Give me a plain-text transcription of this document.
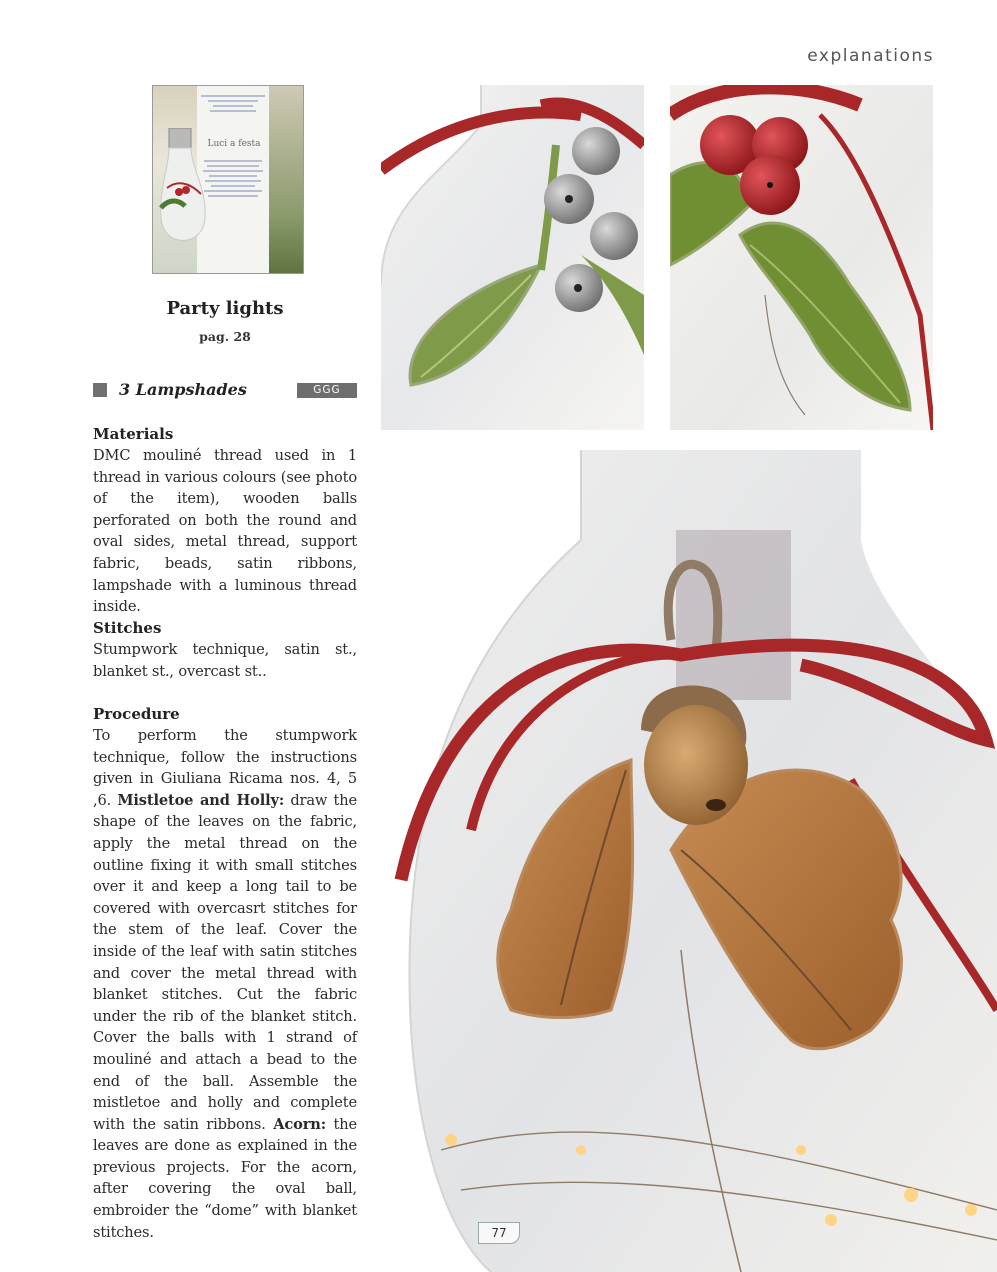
explanations
Luci a festa
Party lights
pag. 28
3 Lampshades	GGG
Materials

DMC mouliné thread used in 1 thread in various colours (see photo of the item), wooden balls perforated on both the round and oval sides, metal thread, support fabric, beads, satin ribbons, lampshade with a luminous thread inside.

Stitches

Stumpwork technique, satin st., blanket st., overcast st..

Procedure

To perform the stumpwork technique, follow the instructions given in Giuliana Ricama nos. 4, 5 ,6. Mistletoe and Holly: draw the shape of the leaves on the fabric, apply the metal thread on the outline fixing it with small stitches over it and keep a long tail to be covered with overcasrt stitches for the stem of the leaf. Cover the inside of the leaf with satin stitches and cover the metal thread with blanket stitches. Cut the fabric under the rib of the blanket stitch. Cover the balls with 1 strand of mouliné and attach a bead to the end of the ball. Assemble the mistletoe and holly and complete with the satin ribbons. Acorn: the leaves are done as explained in the previous projects. For the acorn, after covering the oval ball, embroider the “dome” with blanket stitches.	77
